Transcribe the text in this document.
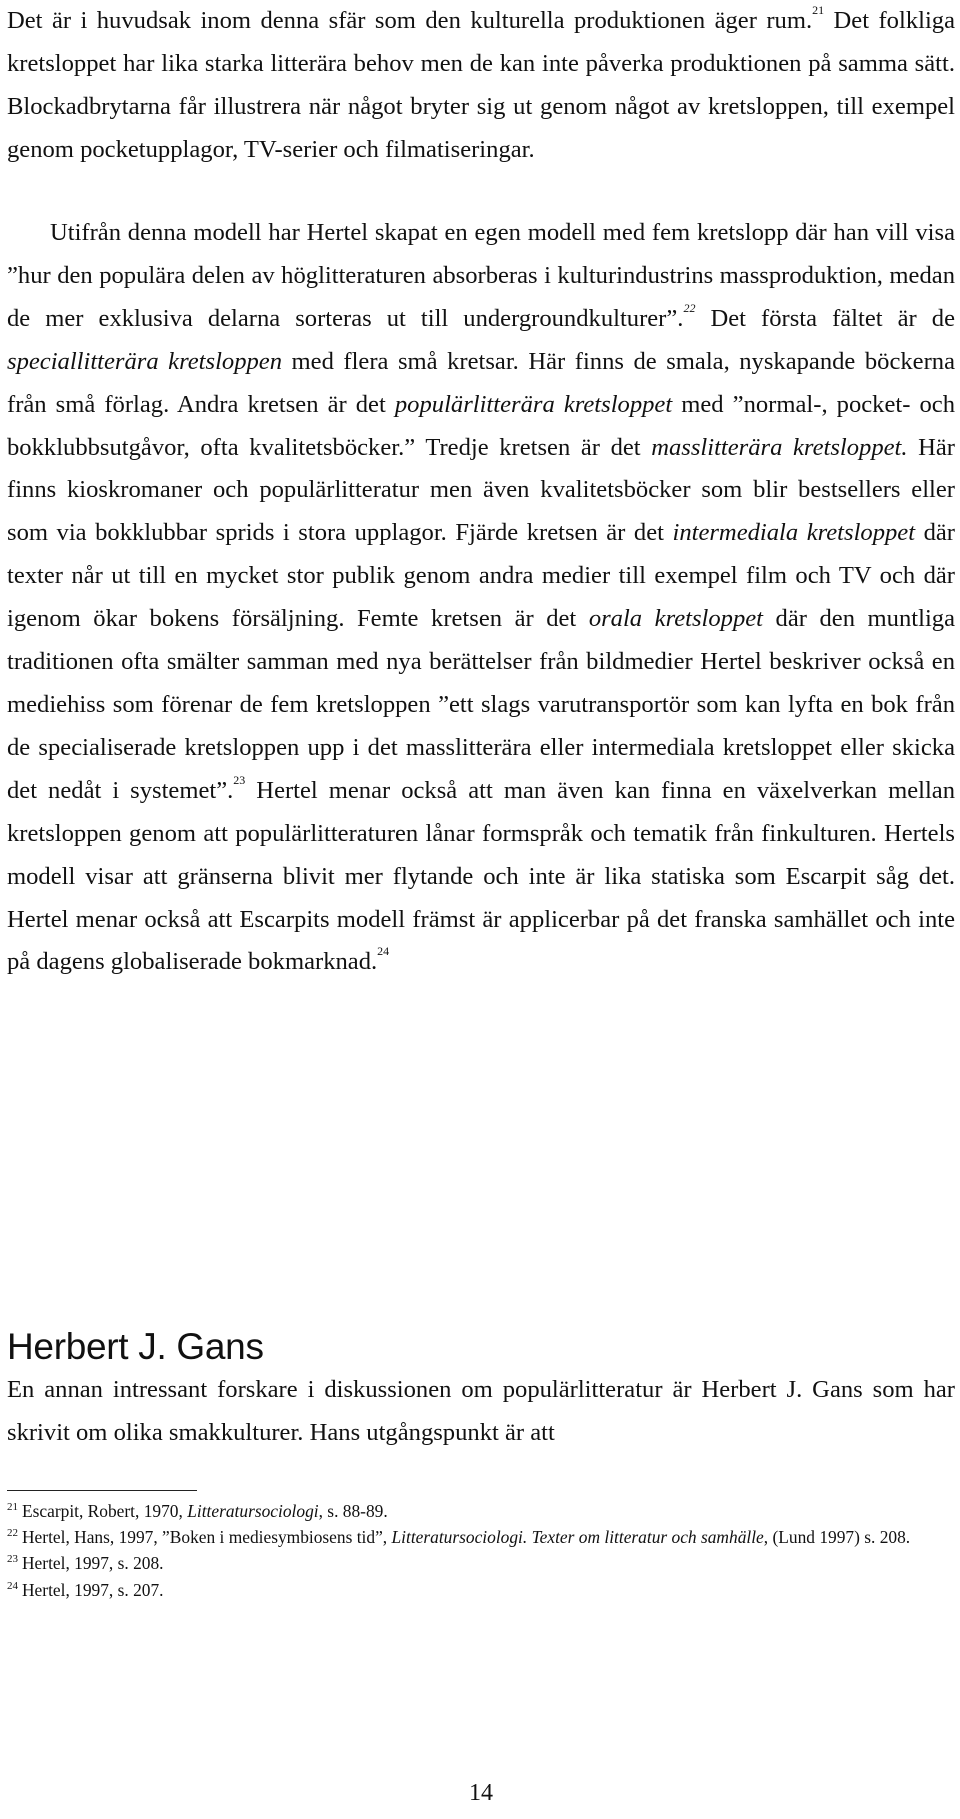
Det är i huvudsak inom denna sfär som den kulturella produktionen äger rum.$^{21}$ Det folkliga kretsloppet har lika starka litterära behov men de kan inte påverka produktionen på samma sätt. Blockadbrytarna får illustrera när något bryter sig ut genom något av kretsloppen, till exempel genom pocketupplagor, TV-serier och filmatiseringar.

Utifrån denna modell har Hertel skapat en egen modell med fem kretslopp där han vill visa ”hur den populära delen av höglitteraturen absorberas i kulturindustrins massproduktion, medan de mer exklusiva delarna sorteras ut till undergroundkulturer”.$^{22}$ Det första fältet är de speciallitterära kretsloppen med flera små kretsar. Här finns de smala, nyskapande böckerna från små förlag. Andra kretsen är det populärlitterära kretsloppet med ”normal-, pocket- och bokklubbsutgåvor, ofta kvalitetsböcker.” Tredje kretsen är det masslitterära kretsloppet. Här finns kioskromaner och populärlitteratur men även kvalitetsböcker som blir bestsellers eller som via bokklubbar sprids i stora upplagor. Fjärde kretsen är det intermediala kretsloppet där texter når ut till en mycket stor publik genom andra medier till exempel film och TV och där igenom ökar bokens försäljning. Femte kretsen är det orala kretsloppet där den muntliga traditionen ofta smälter samman med nya berättelser från bildmedier Hertel beskriver också en mediehiss som förenar de fem kretsloppen ”ett slags varutransportör som kan lyfta en bok från de specialiserade kretsloppen upp i det masslitterära eller intermediala kretsloppet eller skicka det nedåt i systemet”.$^{23}$ Hertel menar också att man även kan finna en växelverkan mellan kretsloppen genom att populärlitteraturen lånar formspråk och tematik från finkulturen. Hertels modell visar att gränserna blivit mer flytande och inte är lika statiska som Escarpit såg det. Hertel menar också att Escarpits modell främst är applicerbar på det franska samhället och inte på dagens globaliserade bokmarknad.$^{24}$

Herbert J. Gans

En annan intressant forskare i diskussionen om populärlitteratur är Herbert J. Gans som har skrivit om olika smakkulturer. Hans utgångspunkt är att

$^{21}$ Escarpit, Robert, 1970, Litteratursociologi, s. 88-89.

$^{22}$ Hertel, Hans, 1997, ”Boken i mediesymbiosens tid”, Litteratursociologi. Texter om litteratur och samhälle, (Lund 1997) s. 208.

$^{23}$ Hertel, 1997, s. 208.

$^{24}$ Hertel, 1997, s. 207.

14
